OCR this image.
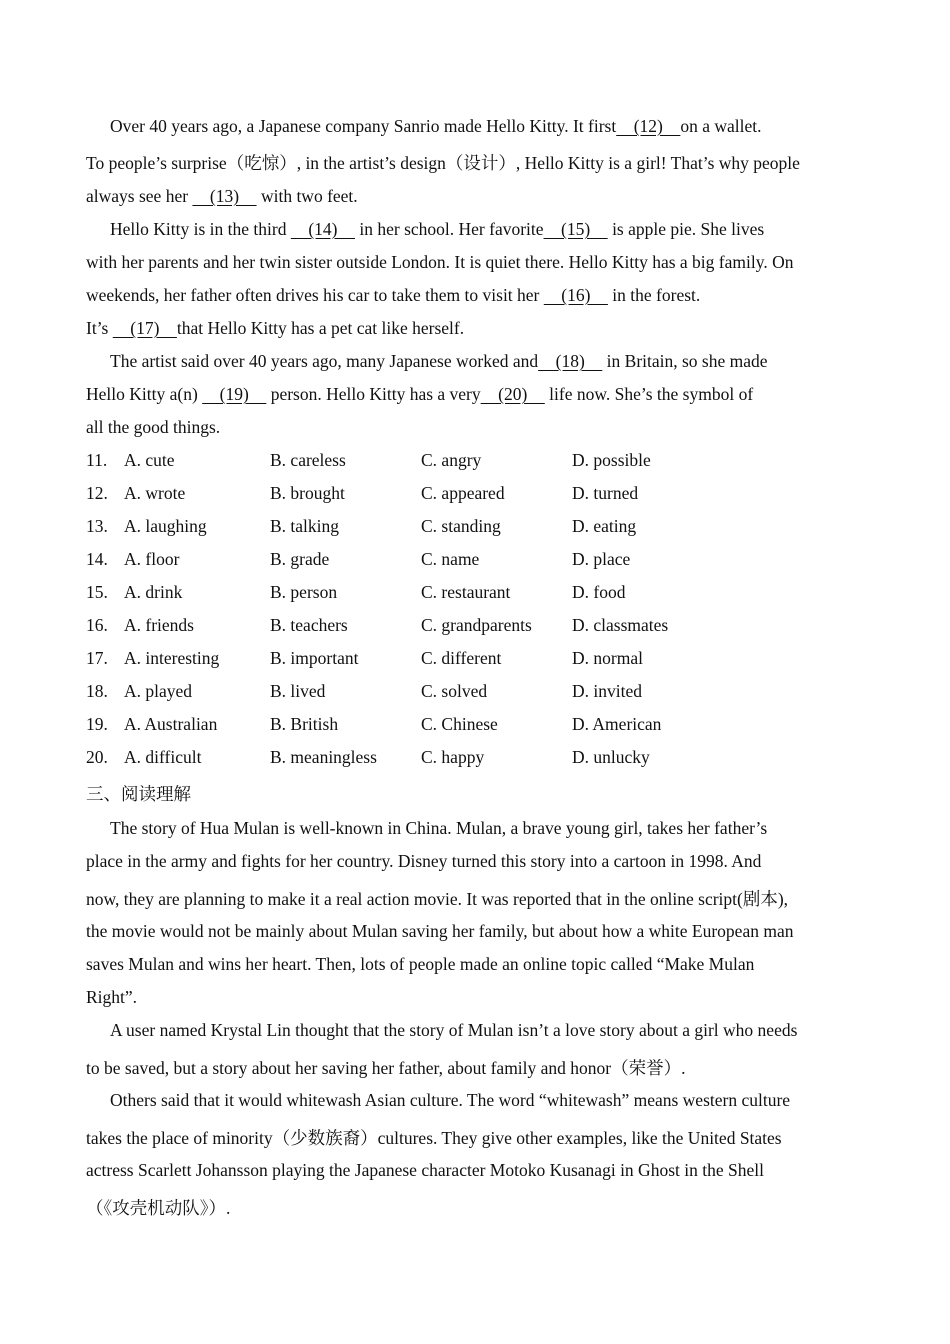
Over 40 years ago, a Japanese company Sanrio made Hello Kitty. It first    (12)    on a wallet.
To people’s surprise（吃惊）, in the artist’s design（设计）, Hello Kitty is a girl! That’s why people
always see her     (13)     with two feet.
Hello Kitty is in the third     (14)     in her school. Her favorite    (15)     is apple pie. She lives
with her parents and her twin sister outside London. It is quiet there. Hello Kitty has a big family. On
weekends, her father often drives his car to take them to visit her     (16)     in the forest.
It’s     (17)    that Hello Kitty has a pet cat like herself.
The artist said over 40 years ago, many Japanese worked and    (18)     in Britain, so she made
Hello Kitty a(n)     (19)     person. Hello Kitty has a very    (20)     life now. She’s the symbol of
all the good things.
11. A. cute	B. careless	C. angry	D. possible
12. A. wrote	B. brought	C. appeared	D. turned
13. A. laughing	B. talking	C. standing	D. eating
14. A. floor	B. grade	C. name	D. place
15. A. drink	B. person	C. restaurant	D. food
16. A. friends	B. teachers	C. grandparents D. classmates
17. A. interesting	B. important	C. different	D. normal
18. A. played	B. lived	C. solved	D. invited
19. A. Australian	B. British	C. Chinese	D. American
20. A. difficult	B. meaningless	C. happy	D. unlucky
三、阅读理解
The story of Hua Mulan is well-known in China. Mulan, a brave young girl, takes her father’s
place in the army and fights for her country. Disney turned this story into a cartoon in 1998. And
now, they are planning to make it a real action movie. It was reported that in the online script(剧本),
the movie would not be mainly about Mulan saving her family, but about how a white European man
saves Mulan and wins her heart. Then, lots of people made an online topic called “Make Mulan
Right”.
A user named Krystal Lin thought that the story of Mulan isn’t a love story about a girl who needs
to be saved, but a story about her saving her father, about family and honor（荣誉）.
Others said that it would whitewash Asian culture. The word “whitewash” means western culture
takes the place of minority（少数族裔）cultures. They give other examples, like the United States
actress Scarlett Johansson playing the Japanese character Motoko Kusanagi in Ghost in the Shell
（《攻壳机动队》）.
